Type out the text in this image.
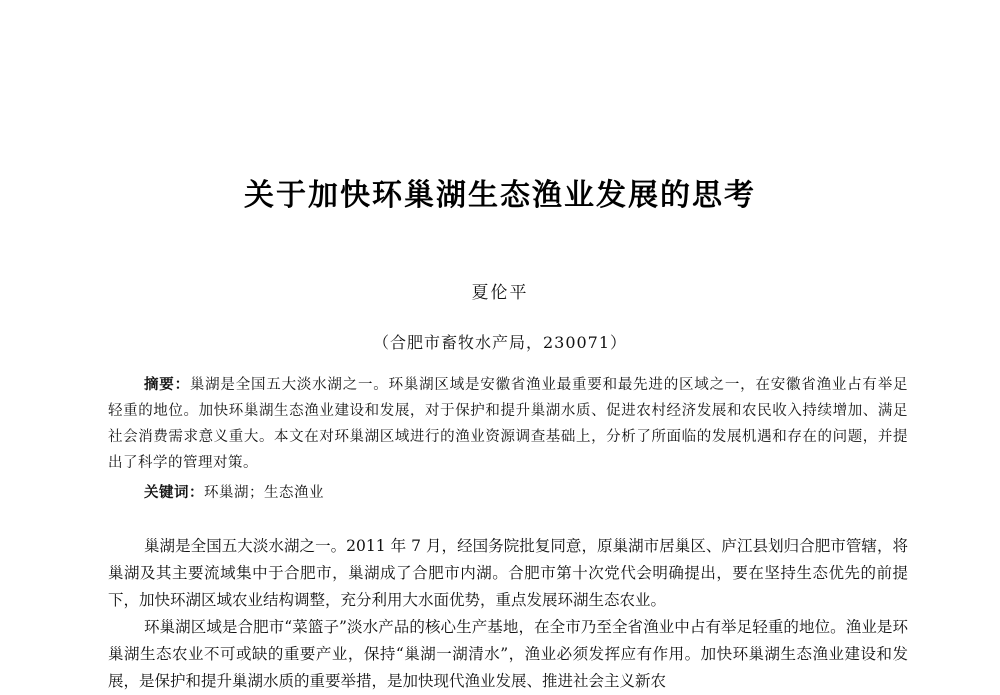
关于加快环巢湖生态渔业发展的思考
夏伦平
（合肥市畜牧水产局，230071）

摘要：巢湖是全国五大淡水湖之一。环巢湖区域是安徽省渔业最重要和最先进的区域之一，在安徽省渔业占有举足轻重的地位。加快环巢湖生态渔业建设和发展，对于保护和提升巢湖水质、促进农村经济发展和农民收入持续增加、满足社会消费需求意义重大。本文在对环巢湖区域进行的渔业资源调查基础上，分析了所面临的发展机遇和存在的问题，并提出了科学的管理对策。

关键词：环巢湖；生态渔业

巢湖是全国五大淡水湖之一。2011 年 7 月，经国务院批复同意，原巢湖市居巢区、庐江县划归合肥市管辖，将巢湖及其主要流域集中于合肥市，巢湖成了合肥市内湖。合肥市第十次党代会明确提出，要在坚持生态优先的前提下，加快环湖区域农业结构调整，充分利用大水面优势，重点发展环湖生态农业。

环巢湖区域是合肥市“菜篮子”淡水产品的核心生产基地，在全市乃至全省渔业中占有举足轻重的地位。渔业是环巢湖生态农业不可或缺的重要产业，保持“巢湖一湖清水”，渔业必须发挥应有作用。加快环巢湖生态渔业建设和发展，是保护和提升巢湖水质的重要举措，是加快现代渔业发展、推进社会主义新农
